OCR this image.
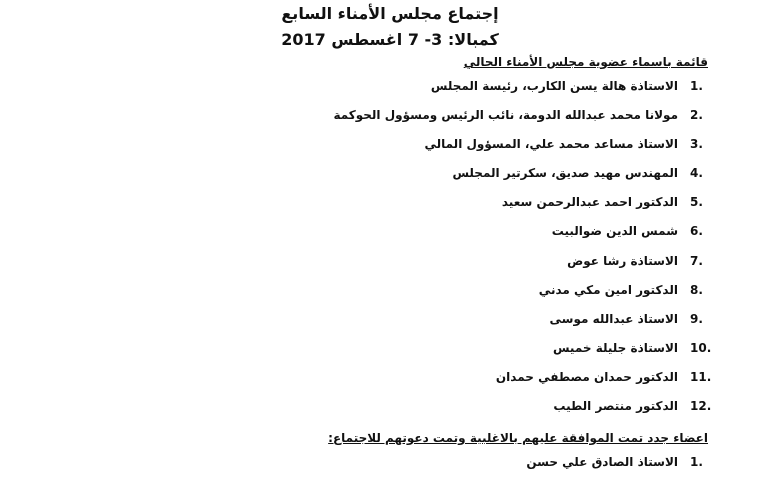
إجتماع مجلس الأمناء السابع
كمبالا: 3- 7 اغسطس 2017
قائمة باسماء عضوية مجلس الأمناء الحالي
1.
الاستاذة هالة يسن الكارب، رئيسة المجلس
2.
مولانا محمد عبدالله الدومة، نائب الرئيس ومسؤول الحوكمة
3.
الاستاذ مساعد محمد علي، المسؤول المالي
4.
المهندس مهيد صديق، سكرتير المجلس
5.
الدكتور احمد عبدالرحمن سعيد
6.
شمس الدين ضوالبيت
7.
الاستاذة رشا عوض
8.
الدكتور امين مكي مدني
9.
الاستاذ عبدالله موسى
10.
الاستاذة جليلة خميس
11.
الدكتور حمدان مصطفي حمدان
12.
الدكتور منتصر الطيب
اعضاء جدد تمت الموافقة عليهم بالاغلبية وتمت دعوتهم للاجتماع:
1.
الاستاذ الصادق علي حسن
